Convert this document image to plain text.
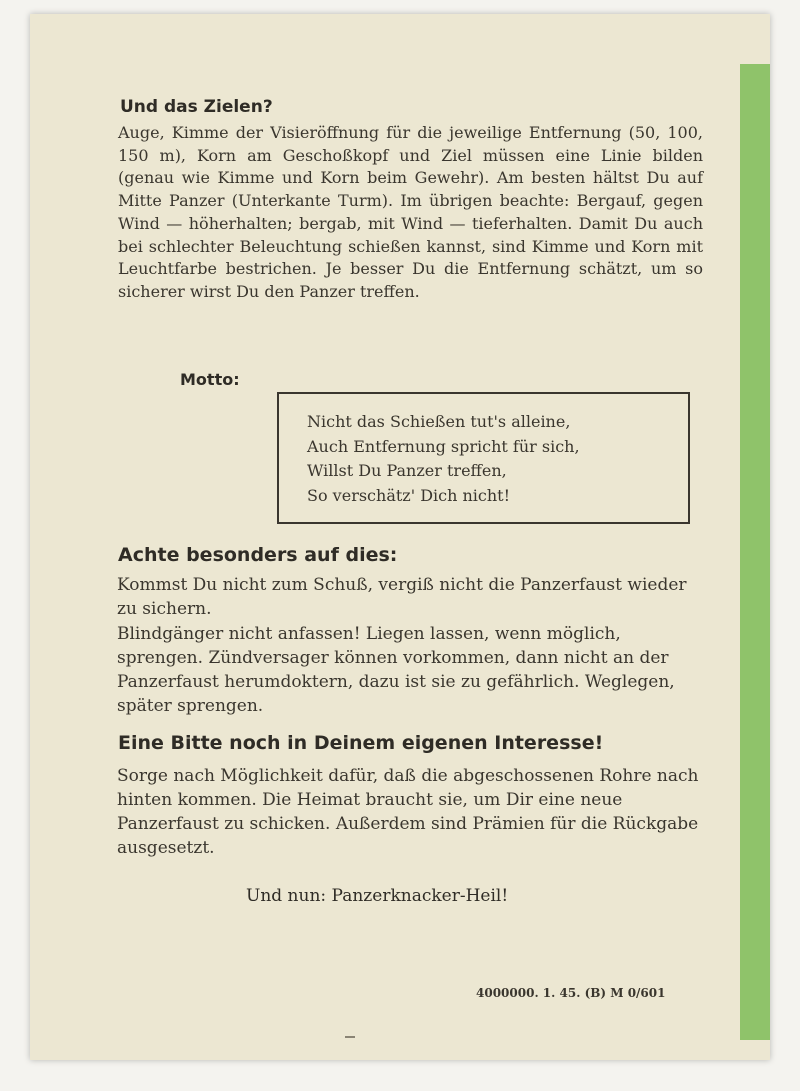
Und das Zielen?
Auge, Kimme der Visieröffnung für die jeweilige Entfernung (50, 100, 150 m), Korn am Geschoßkopf und Ziel müssen eine Linie bilden (genau wie Kimme und Korn beim Gewehr). Am besten hältst Du auf Mitte Panzer (Unterkante Turm). Im übrigen beachte: Bergauf, gegen Wind — höherhalten; bergab, mit Wind — tieferhalten. Damit Du auch bei schlechter Beleuchtung schießen kannst, sind Kimme und Korn mit Leuchtfarbe bestrichen. Je besser Du die Entfernung schätzt, um so sicherer wirst Du den Panzer treffen.
Motto:
Nicht das Schießen tut's alleine,
Auch Entfernung spricht für sich,
Willst Du Panzer treffen,
So verschätz' Dich nicht!
Achte besonders auf dies:
Kommst Du nicht zum Schuß, vergiß nicht die Panzerfaust wieder zu sichern.
Blindgänger nicht anfassen! Liegen lassen, wenn möglich, sprengen. Zündversager können vorkommen, dann nicht an der Panzerfaust herumdoktern, dazu ist sie zu gefährlich. Weglegen, später sprengen.
Eine Bitte noch in Deinem eigenen Interesse!
Sorge nach Möglichkeit dafür, daß die abgeschossenen Rohre nach hinten kommen. Die Heimat braucht sie, um Dir eine neue Panzerfaust zu schicken. Außerdem sind Prämien für die Rückgabe ausgesetzt.
Und nun: Panzerknacker-Heil!
4000000. 1. 45. (B) M 0/601
